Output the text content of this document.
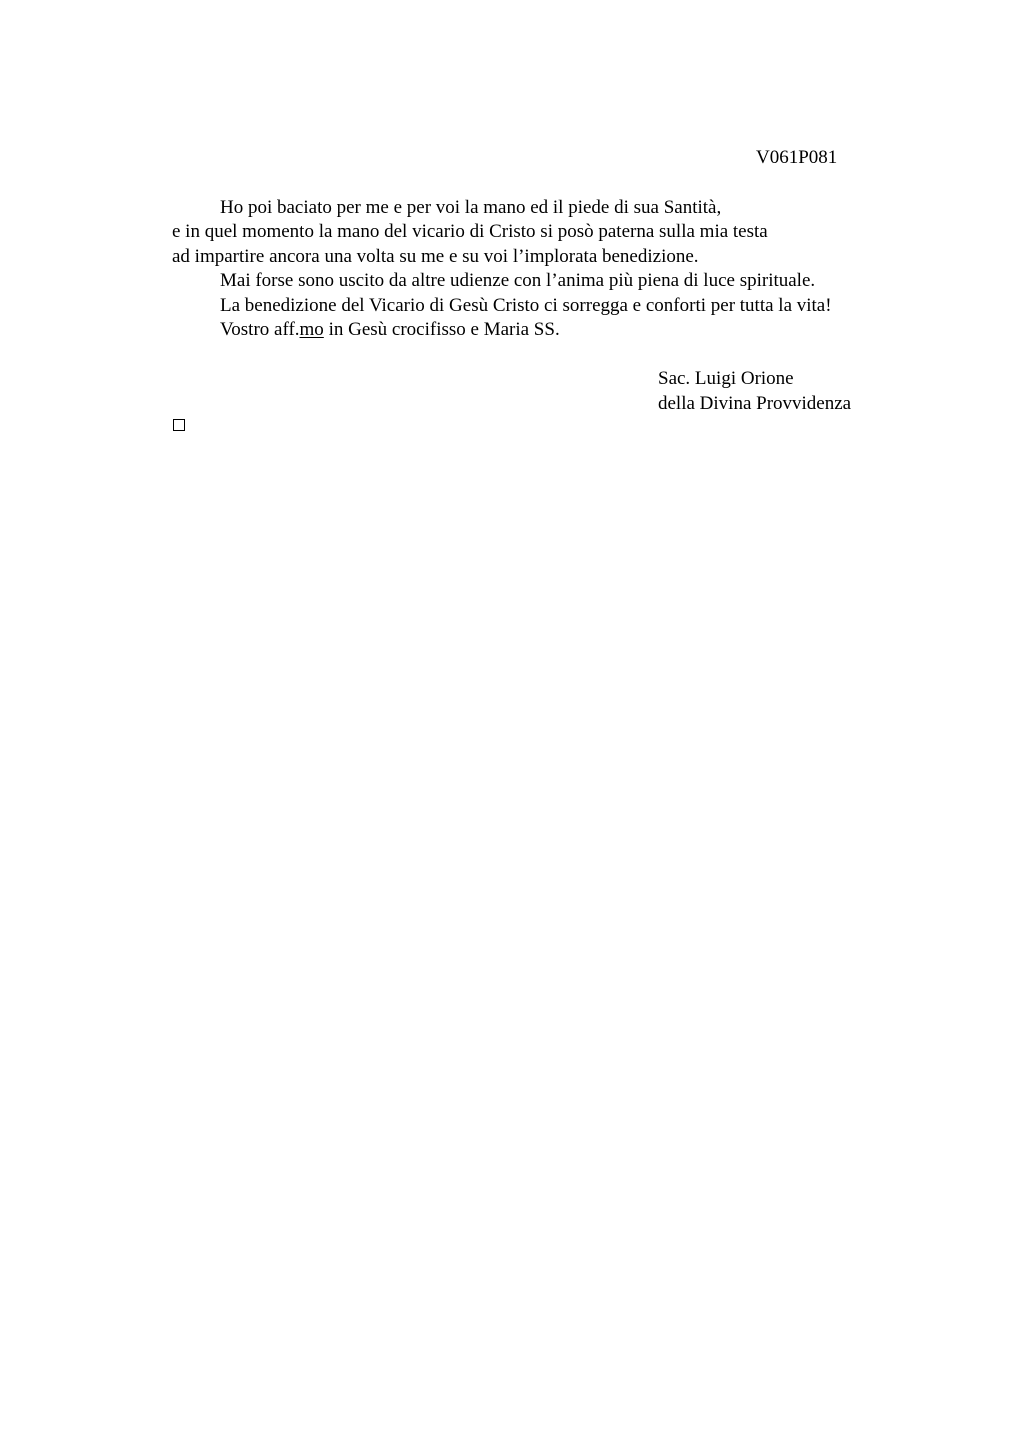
V061P081

Ho poi baciato per me e per voi la mano ed il piede di sua Santità,

e in quel momento la mano del vicario di Cristo si posò paterna sulla mia testa

ad impartire ancora una volta su me e su voi l’implorata benedizione.

Mai forse sono uscito da altre udienze con l’anima più piena di luce spirituale.

La benedizione del Vicario di Gesù Cristo ci sorregga e conforti per tutta la vita!

Vostro aff.mo in Gesù crocifisso e Maria SS.

Sac. Luigi Orione
della Divina Provvidenza
